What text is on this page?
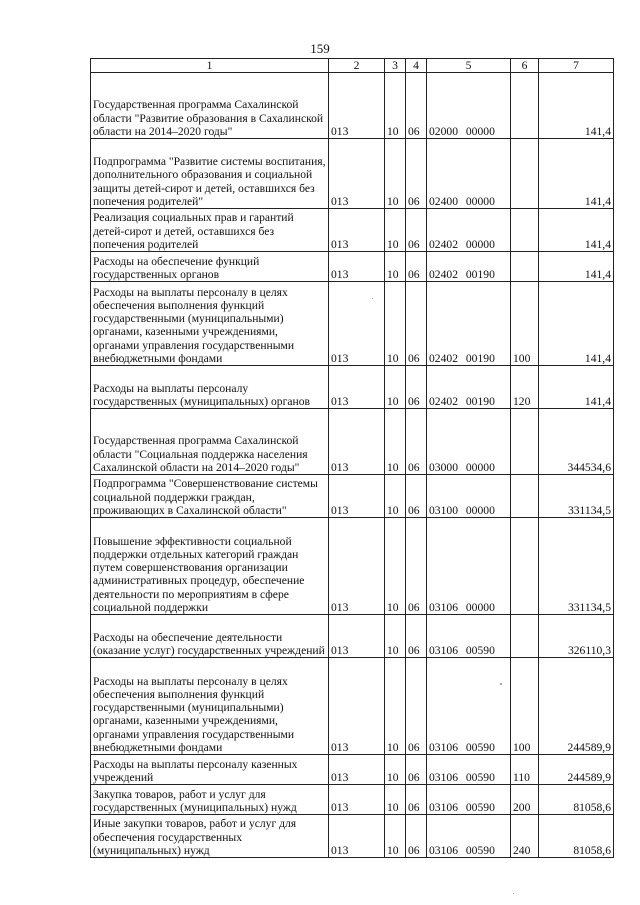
159
1	2	3	4	5	6	7
Государственная программа Сахалинской области "Развитие образования в Сахалинской области на 2014–2020 годы"	013	10	06	02000 00000		141,4
Подпрограмма "Развитие системы воспитания, дополнительного образования и социальной защиты детей-сирот и детей, оставшихся без попечения родителей"	013	10	06	02400 00000		141,4
Реализация социальных прав и гарантий детей-сирот и детей, оставшихся без попечения родителей	013	10	06	02402 00000		141,4
Расходы на обеспечение функций государственных органов	013	10	06	02402 00190		141,4
Расходы на выплаты персоналу в целях обеспечения выполнения функций государственными (муниципальными) органами, казенными учреждениями, органами управления государственными внебюджетными фондами	013	10	06	02402 00190	100	141,4
Расходы на выплаты персоналу государственных (муниципальных) органов	013	10	06	02402 00190	120	141,4
Государственная программа Сахалинской области "Социальная поддержка населения Сахалинской области на 2014–2020 годы"	013	10	06	03000 00000		344534,6
Подпрограмма "Совершенствование системы социальной поддержки граждан, проживающих в Сахалинской области"	013	10	06	03100 00000		331134,5
Повышение эффективности социальной поддержки отдельных категорий граждан путем совершенствования организации административных процедур, обеспечение деятельности по мероприятиям в сфере социальной поддержки	013	10	06	03106 00000		331134,5
Расходы на обеспечение деятельности (оказание услуг) государственных учреждений	013	10	06	03106 00590		326110,3
Расходы на выплаты персоналу в целях обеспечения выполнения функций государственными (муниципальными) органами, казенными учреждениями, органами управления государственными внебюджетными фондами	013	10	06	03106 00590	100	244589,9
Расходы на выплаты персоналу казенных учреждений	013	10	06	03106 00590	110	244589,9
Закупка товаров, работ и услуг для государственных (муниципальных) нужд	013	10	06	03106 00590	200	81058,6
Иные закупки товаров, работ и услуг для обеспечения государственных (муниципальных) нужд	013	10	06	03106 00590	240	81058,6
